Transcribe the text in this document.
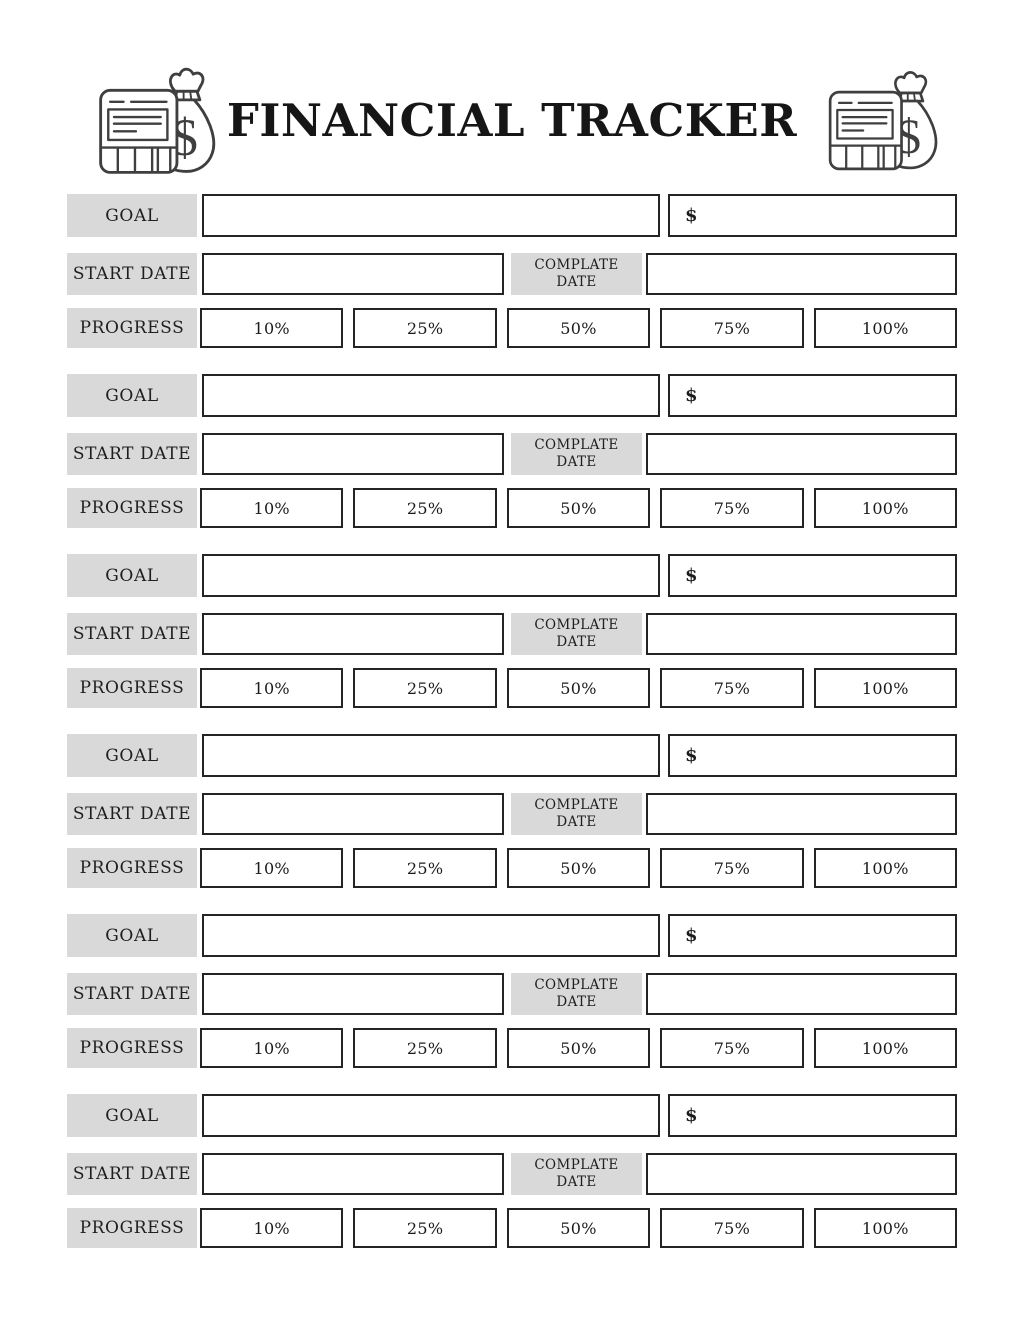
FINANCIAL TRACKER
GOAL	$
START DATE	COMPLATE DATE
PROGRESS	10%	25%	50%	75%	100%
GOAL	$
START DATE	COMPLATE DATE
PROGRESS	10%	25%	50%	75%	100%
GOAL	$
START DATE	COMPLATE DATE
PROGRESS	10%	25%	50%	75%	100%
GOAL	$
START DATE	COMPLATE DATE
PROGRESS	10%	25%	50%	75%	100%
GOAL	$
START DATE	COMPLATE DATE
PROGRESS	10%	25%	50%	75%	100%
GOAL	$
START DATE	COMPLATE DATE
PROGRESS	10%	25%	50%	75%	100%
